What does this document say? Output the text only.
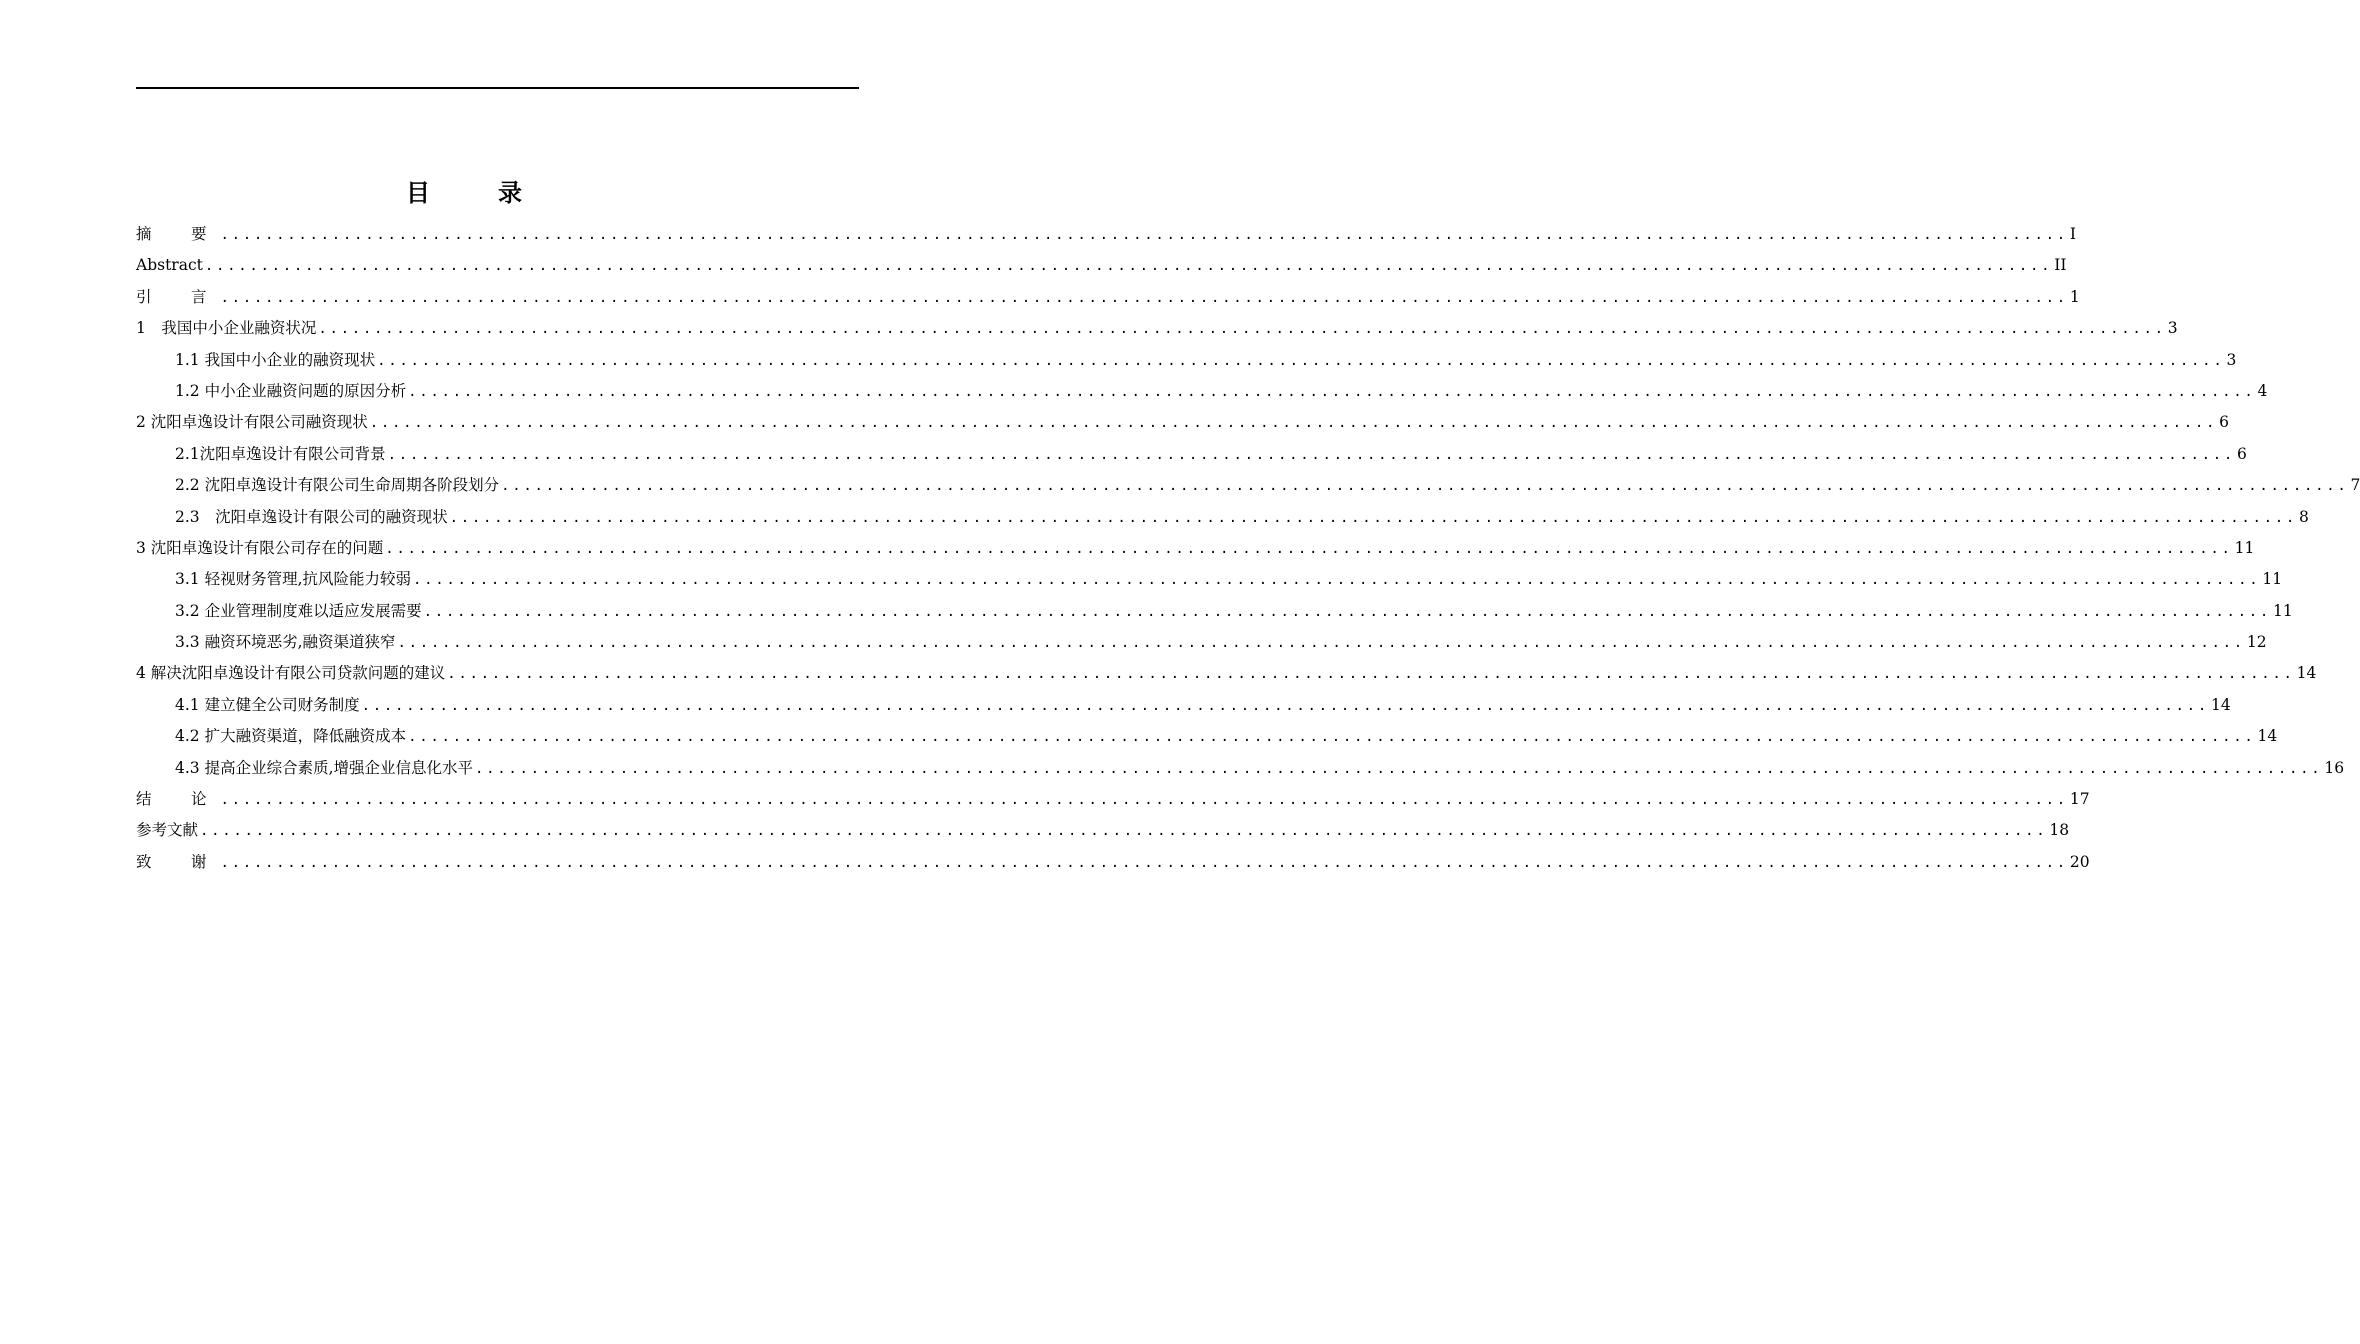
目　录
摘　要 ...................................................................................................................................................................... I
Abstract ...................................................................................................................................................................... II
引　言 ...................................................................................................................................................................... 1
1　我国中小企业融资状况 ...................................................................................................................................................................... 3
1.1 我国中小企业的融资现状 ...................................................................................................................................................................... 3
1.2 中小企业融资问题的原因分析 ...................................................................................................................................................................... 4
2 沈阳卓逸设计有限公司融资现状 ...................................................................................................................................................................... 6
2.1沈阳卓逸设计有限公司背景 ...................................................................................................................................................................... 6
2.2 沈阳卓逸设计有限公司生命周期各阶段划分 ...................................................................................................................................................................... 7
2.3　沈阳卓逸设计有限公司的融资现状 ...................................................................................................................................................................... 8
3 沈阳卓逸设计有限公司存在的问题 ...................................................................................................................................................................... 11
3.1 轻视财务管理,抗风险能力较弱 ...................................................................................................................................................................... 11
3.2 企业管理制度难以适应发展需要 ...................................................................................................................................................................... 11
3.3 融资环境恶劣,融资渠道狭窄 ...................................................................................................................................................................... 12
4 解决沈阳卓逸设计有限公司贷款问题的建议 ...................................................................................................................................................................... 14
4.1 建立健全公司财务制度 ...................................................................................................................................................................... 14
4.2 扩大融资渠道，降低融资成本 ...................................................................................................................................................................... 14
4.3 提高企业综合素质,增强企业信息化水平 ...................................................................................................................................................................... 16
结　论 ...................................................................................................................................................................... 17
参考文献 ...................................................................................................................................................................... 18
致　谢 ...................................................................................................................................................................... 20
